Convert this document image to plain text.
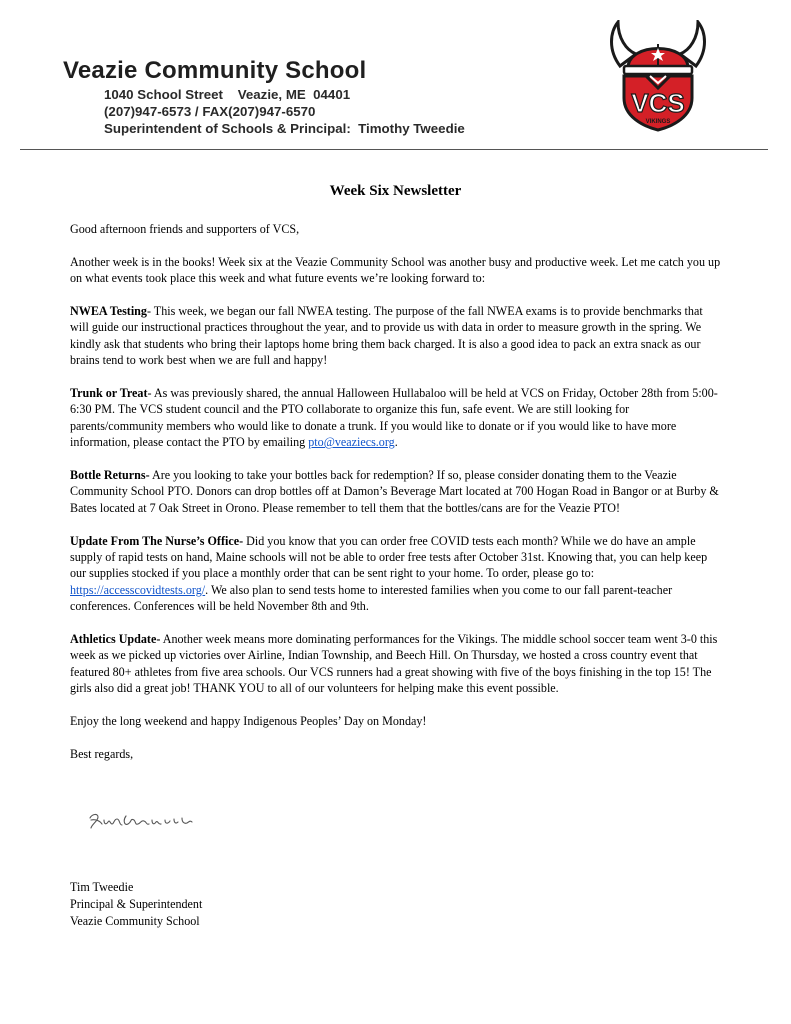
Veazie Community School
1040 School Street    Veazie, ME  04401
(207)947-6573 / FAX(207)947-6570
Superintendent of Schools & Principal:  Timothy Tweedie
VCS
VIKINGS
Week Six Newsletter

Good afternoon friends and supporters of VCS,

Another week is in the books! Week six at the Veazie Community School was another busy and productive week. Let me catch you up on what events took place this week and what future events we’re looking forward to:

NWEA Testing- This week, we began our fall NWEA testing. The purpose of the fall NWEA exams is to provide benchmarks that will guide our instructional practices throughout the year, and to provide us with data in order to measure growth in the spring. We kindly ask that students who bring their laptops home bring them back charged. It is also a good idea to pack an extra snack as our brains tend to work best when we are full and happy!

Trunk or Treat- As was previously shared, the annual Halloween Hullabaloo will be held at VCS on Friday, October 28th from 5:00-6:30 PM. The VCS student council and the PTO collaborate to organize this fun, safe event. We are still looking for parents/community members who would like to donate a trunk. If you would like to donate or if you would like to have more information, please contact the PTO by emailing pto@veaziecs.org.

Bottle Returns- Are you looking to take your bottles back for redemption? If so, please consider donating them to the Veazie Community School PTO. Donors can drop bottles off at Damon’s Beverage Mart located at 700 Hogan Road in Bangor or at Burby & Bates located at 7 Oak Street in Orono. Please remember to tell them that the bottles/cans are for the Veazie PTO!

Update From The Nurse’s Office- Did you know that you can order free COVID tests each month? While we do have an ample supply of rapid tests on hand, Maine schools will not be able to order free tests after October 31st. Knowing that, you can help keep our supplies stocked if you place a monthly order that can be sent right to your home. To order, please go to: https://accesscovidtests.org/. We also plan to send tests home to interested families when you come to our fall parent-teacher conferences. Conferences will be held November 8th and 9th.

Athletics Update- Another week means more dominating performances for the Vikings. The middle school soccer team went 3-0 this week as we picked up victories over Airline, Indian Township, and Beech Hill. On Thursday, we hosted a cross country event that featured 80+ athletes from five area schools. Our VCS runners had a great showing with five of the boys finishing in the top 15! The girls also did a great job! THANK YOU to all of our volunteers for helping make this event possible.

Enjoy the long weekend and happy Indigenous Peoples’ Day on Monday!

Best regards,

Tim Tweedie
Principal & Superintendent
Veazie Community School
